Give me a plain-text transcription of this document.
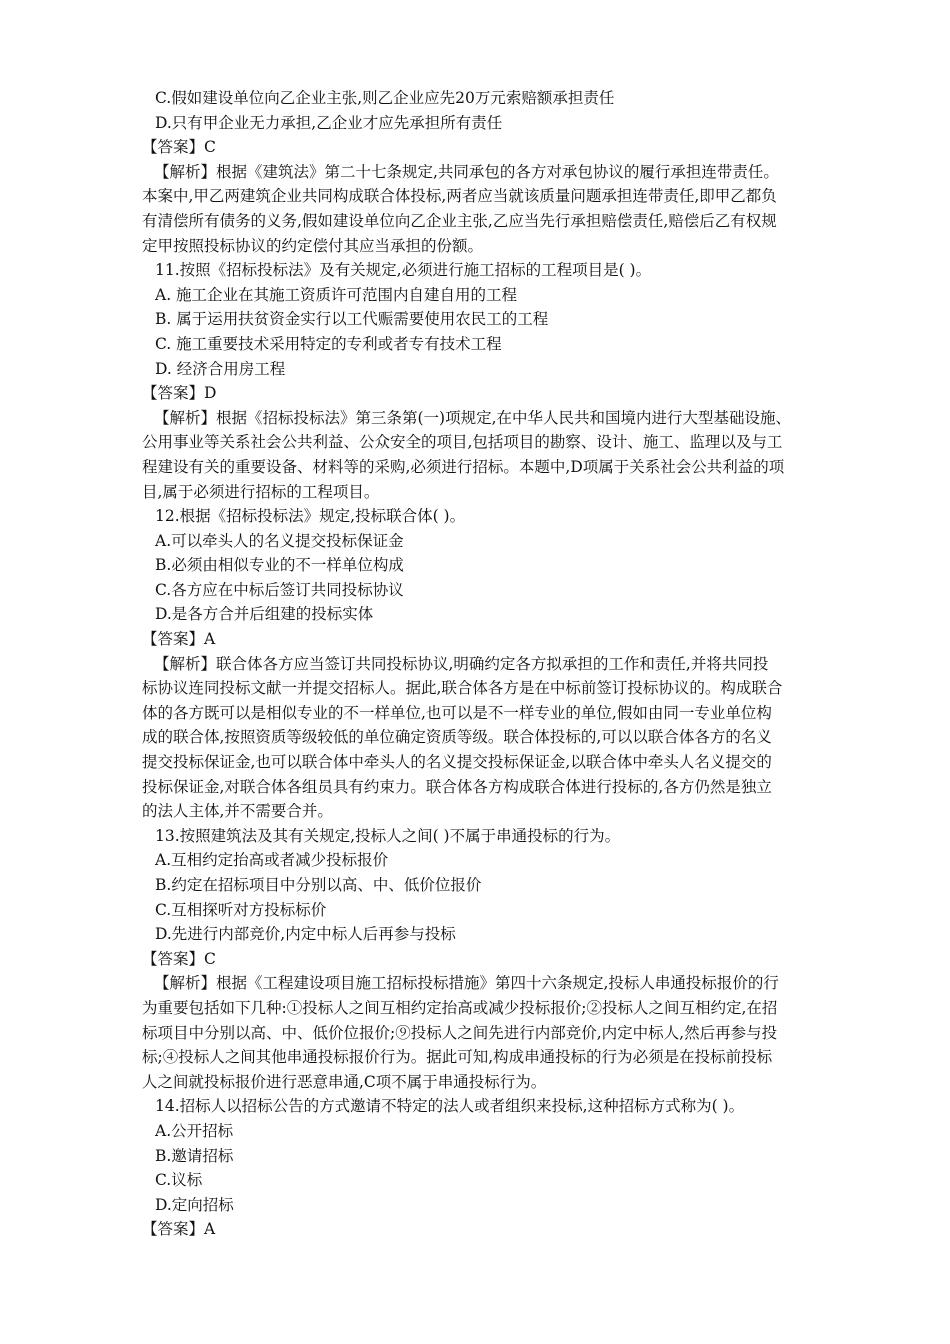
C.假如建设单位向乙企业主张,则乙企业应先20万元索赔额承担责任
D.只有甲企业无力承担,乙企业才应先承担所有责任
【答案】C
【解析】根据《建筑法》第二十七条规定,共同承包的各方对承包协议的履行承担连带责任。
本案中,甲乙两建筑企业共同构成联合体投标,两者应当就该质量问题承担连带责任,即甲乙都负
有清偿所有债务的义务,假如建设单位向乙企业主张,乙应当先行承担赔偿责任,赔偿后乙有权规
定甲按照投标协议的约定偿付其应当承担的份额。
11.按照《招标投标法》及有关规定,必须进行施工招标的工程项目是( )。
A. 施工企业在其施工资质许可范围内自建自用的工程
B. 属于运用扶贫资金实行以工代赈需要使用农民工的工程
C. 施工重要技术采用特定的专利或者专有技术工程
D. 经济合用房工程
【答案】D
【解析】根据《招标投标法》第三条第(一)项规定,在中华人民共和国境内进行大型基础设施、
公用事业等关系社会公共利益、公众安全的项目,包括项目的勘察、设计、施工、监理以及与工
程建设有关的重要设备、材料等的采购,必须进行招标。本题中,D项属于关系社会公共利益的项
目,属于必须进行招标的工程项目。
12.根据《招标投标法》规定,投标联合体( )。
A.可以牵头人的名义提交投标保证金
B.必须由相似专业的不一样单位构成
C.各方应在中标后签订共同投标协议
D.是各方合并后组建的投标实体
【答案】A
【解析】联合体各方应当签订共同投标协议,明确约定各方拟承担的工作和责任,并将共同投
标协议连同投标文献一并提交招标人。据此,联合体各方是在中标前签订投标协议的。构成联合
体的各方既可以是相似专业的不一样单位,也可以是不一样专业的单位,假如由同一专业单位构
成的联合体,按照资质等级较低的单位确定资质等级。联合体投标的,可以以联合体各方的名义
提交投标保证金,也可以联合体中牵头人的名义提交投标保证金,以联合体中牵头人名义提交的
投标保证金,对联合体各组员具有约束力。联合体各方构成联合体进行投标的,各方仍然是独立
的法人主体,并不需要合并。
13.按照建筑法及其有关规定,投标人之间( )不属于串通投标的行为。
A.互相约定抬高或者减少投标报价
B.约定在招标项目中分别以高、中、低价位报价
C.互相探听对方投标标价
D.先进行内部竞价,内定中标人后再参与投标
【答案】C
【解析】根据《工程建设项目施工招标投标措施》第四十六条规定,投标人串通投标报价的行
为重要包括如下几种:①投标人之间互相约定抬高或减少投标报价;②投标人之间互相约定,在招
标项目中分别以高、中、低价位报价;⑨投标人之间先进行内部竞价,内定中标人,然后再参与投
标;④投标人之间其他串通投标报价行为。据此可知,构成串通投标的行为必须是在投标前投标
人之间就投标报价进行恶意串通,C项不属于串通投标行为。
14.招标人以招标公告的方式邀请不特定的法人或者组织来投标,这种招标方式称为( )。
A.公开招标
B.邀请招标
C.议标
D.定向招标
【答案】A
